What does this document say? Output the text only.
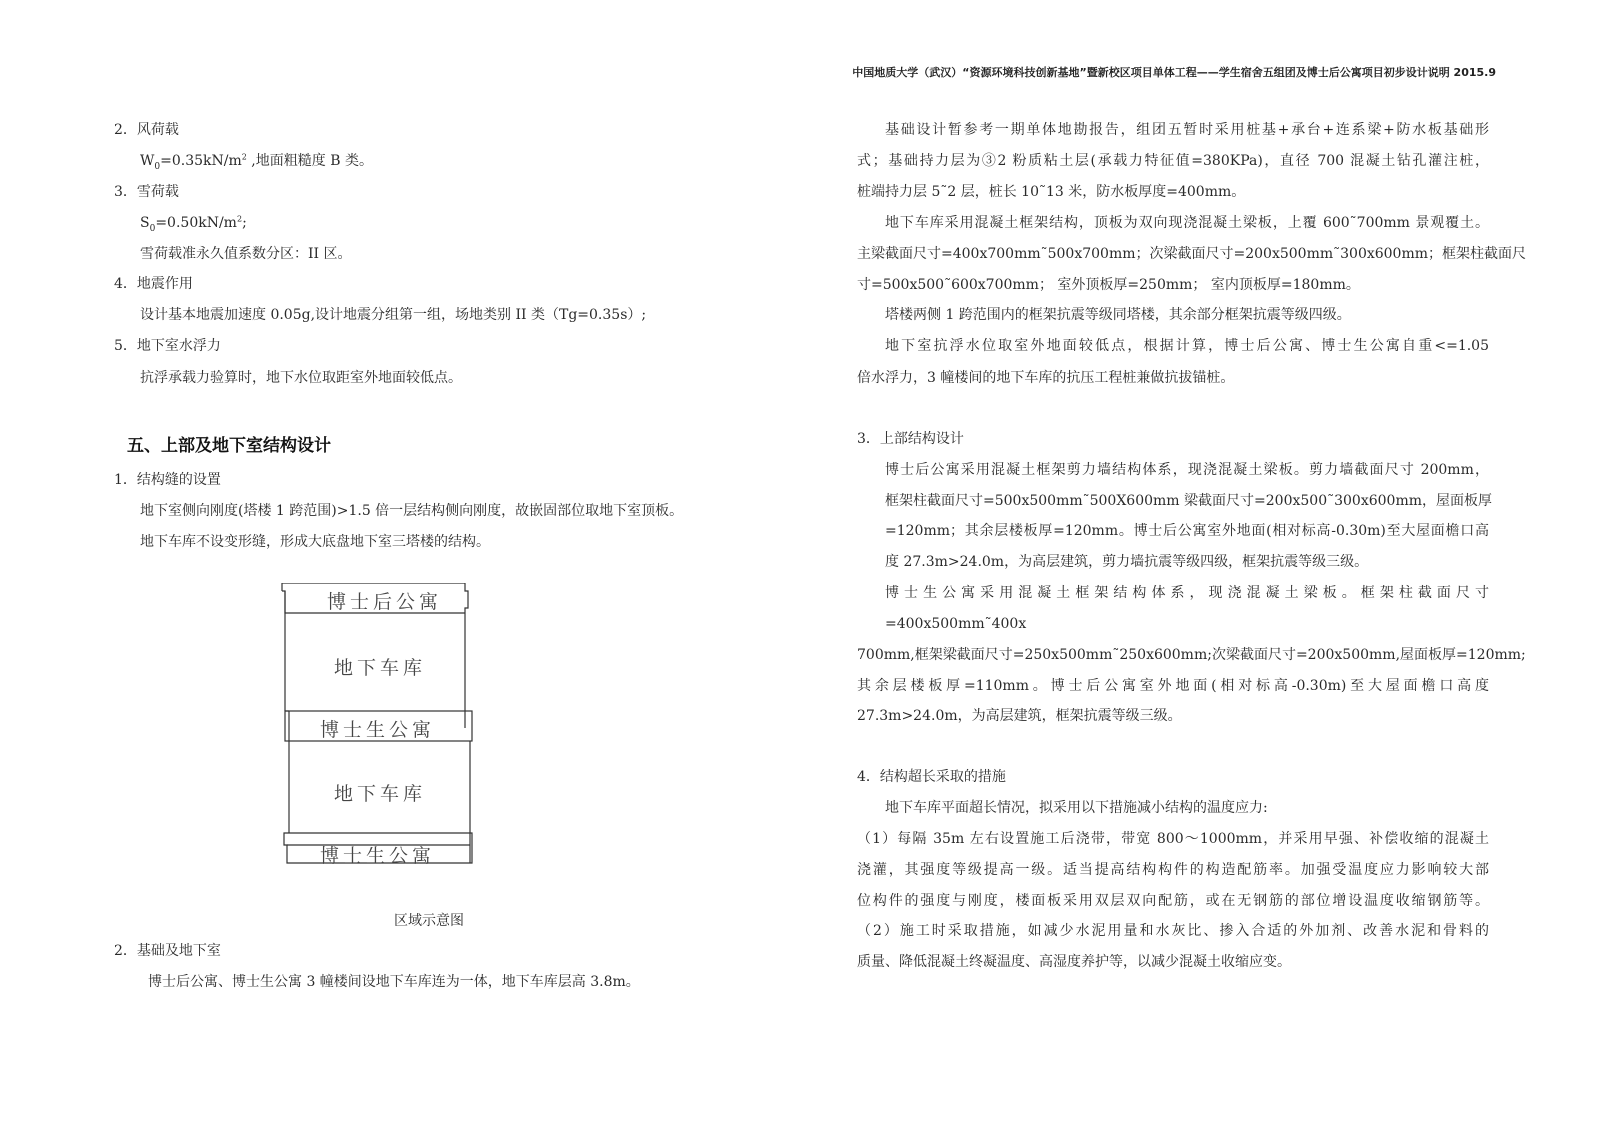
中国地质大学（武汉）“资源环境科技创新基地”暨新校区项目单体工程——学生宿舍五组团及博士后公寓项目初步设计说明 2015.9
2．风荷载
$W_0=0.35kN/m^2$ ,地面粗糙度 B 类。
3．雪荷载
$S_0=0.50kN/m^2$;
雪荷载准永久值系数分区：II 区。
4．地震作用
设计基本地震加速度 0.05g,设计地震分组第一组，场地类别 II 类（Tg=0.35s）;
5．地下室水浮力
抗浮承载力验算时，地下水位取距室外地面较低点。
五、上部及地下室结构设计
1．结构缝的设置
地下室侧向刚度(塔楼 1 跨范围)>1.5 倍一层结构侧向刚度，故嵌固部位取地下室顶板。
地下车库不设变形缝，形成大底盘地下室三塔楼的结构。
博士后公寓
地下车库
博士生公寓
地下车库
博士生公寓
区域示意图
2．基础及地下室
博士后公寓、博士生公寓 3 幢楼间设地下车库连为一体，地下车库层高 3.8m。
基础设计暂参考一期单体地勘报告，组团五暂时采用桩基+承台+连系梁+防水板基础形
式；基础持力层为③2 粉质粘土层(承载力特征值=380KPa)，直径 700 混凝土钻孔灌注桩，
桩端持力层 5˜2 层，桩长 10˜13 米，防水板厚度=400mm。
地下车库采用混凝土框架结构，顶板为双向现浇混凝土梁板，上覆 600˜700mm 景观覆土。
主梁截面尺寸=400x700mm˜500x700mm；次梁截面尺寸=200x500mm˜300x600mm；框架柱截面尺
寸=500x500˜600x700mm； 室外顶板厚=250mm； 室内顶板厚=180mm。
塔楼两侧 1 跨范围内的框架抗震等级同塔楼，其余部分框架抗震等级四级。
地下室抗浮水位取室外地面较低点，根据计算，博士后公寓、博士生公寓自重<=1.05
倍水浮力，3 幢楼间的地下车库的抗压工程桩兼做抗拔锚桩。
3．上部结构设计
博士后公寓采用混凝土框架剪力墙结构体系，现浇混凝土梁板。剪力墙截面尺寸 200mm，
框架柱截面尺寸=500x500mm˜500X600mm 梁截面尺寸=200x500˜300x600mm，屋面板厚
=120mm；其余层楼板厚=120mm。博士后公寓室外地面(相对标高-0.30m)至大屋面檐口高
度 27.3m>24.0m，为高层建筑，剪力墙抗震等级四级，框架抗震等级三级。
博士生公寓采用混凝土框架结构体系，现浇混凝土梁板。框架柱截面尺寸
=400x500mm˜400x
700mm,框架梁截面尺寸=250x500mm˜250x600mm;次梁截面尺寸=200x500mm,屋面板厚=120mm;
其余层楼板厚=110mm。博士后公寓室外地面(相对标高-0.30m)至大屋面檐口高度
27.3m>24.0m，为高层建筑，框架抗震等级三级。
4．结构超长采取的措施
地下车库平面超长情况，拟采用以下措施减小结构的温度应力:
（1）每隔 35m 左右设置施工后浇带，带宽 800～1000mm，并采用早强、补偿收缩的混凝土
浇灌，其强度等级提高一级。适当提高结构构件的构造配筋率。加强受温度应力影响较大部
位构件的强度与刚度，楼面板采用双层双向配筋，或在无钢筋的部位增设温度收缩钢筋等。
（2）施工时采取措施，如减少水泥用量和水灰比、掺入合适的外加剂、改善水泥和骨料的
质量、降低混凝土终凝温度、高湿度养护等，以减少混凝土收缩应变。
